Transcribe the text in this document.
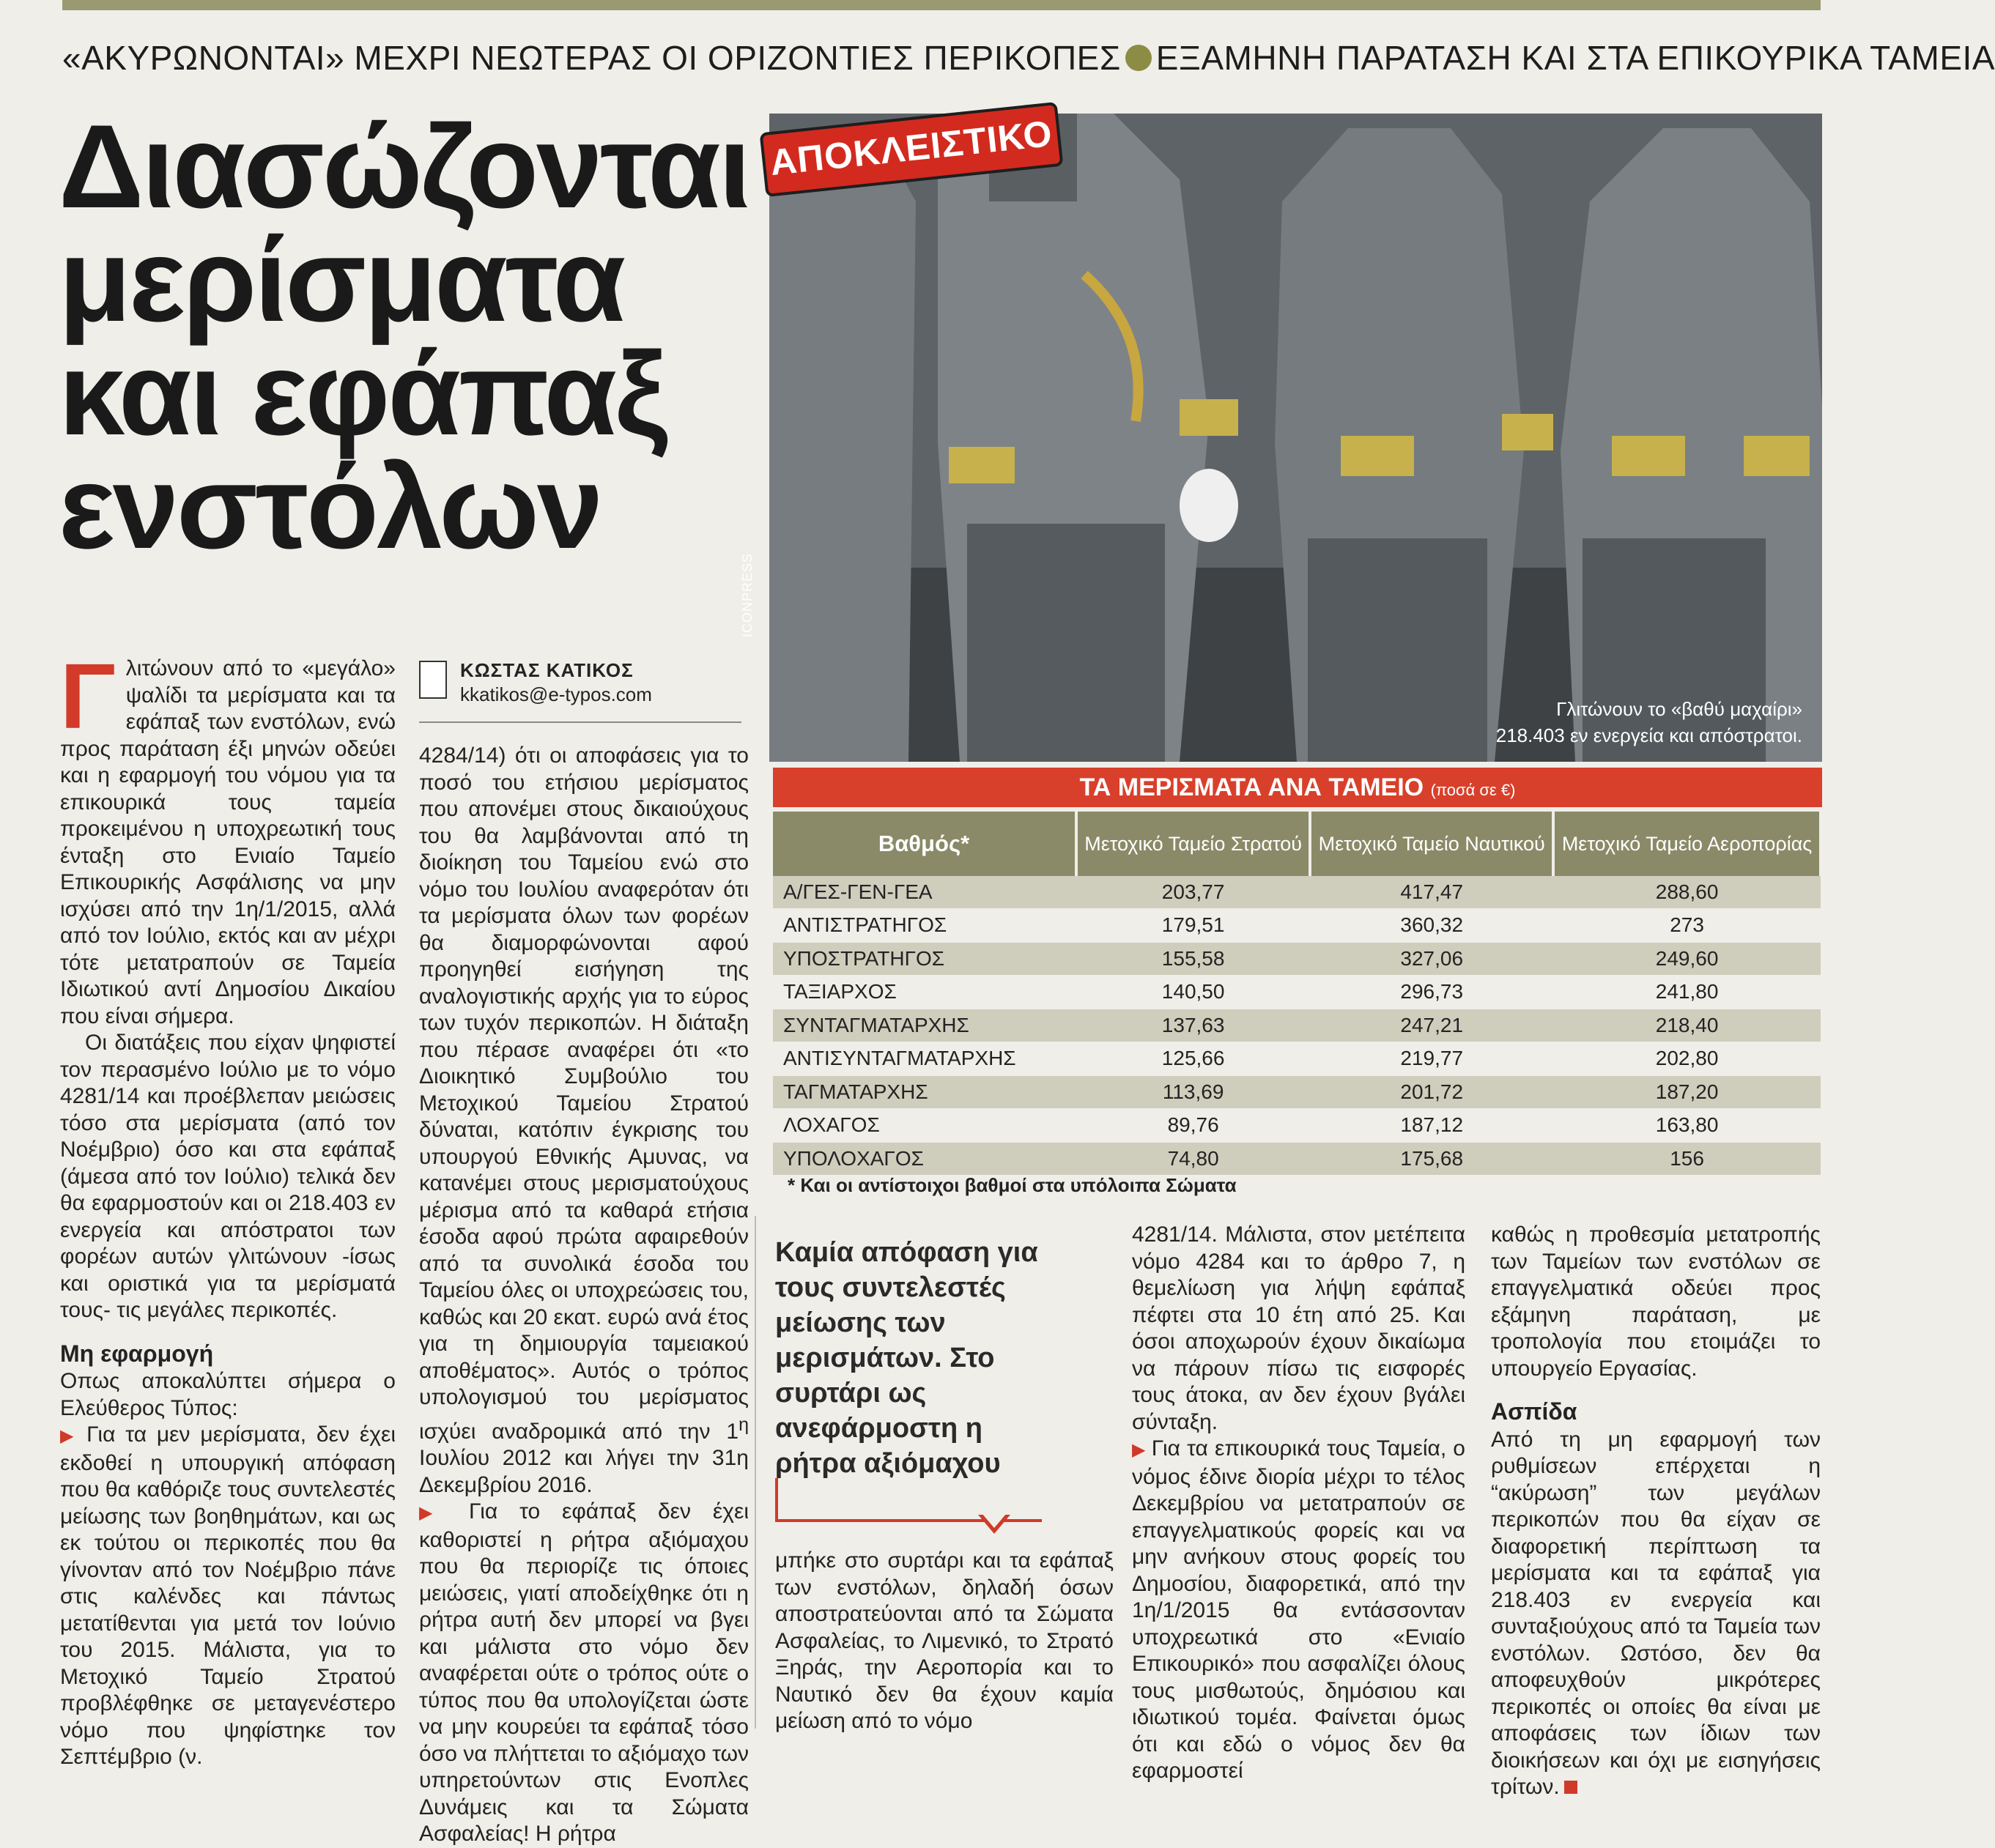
«ΑΚΥΡΩΝΟΝΤΑΙ» ΜΕΧΡΙ ΝΕΩΤΕΡΑΣ ΟΙ ΟΡΙΖΟΝΤΙΕΣ ΠΕΡΙΚΟΠΕΣ ΕΞΑΜΗΝΗ ΠΑΡΑΤΑΣΗ ΚΑΙ ΣΤΑ ΕΠΙΚΟΥΡΙΚΑ ΤΑΜΕΙΑ
Διασώζονται
μερίσματα
και εφάπαξ
ενστόλων
ΑΠΟΚΛΕΙΣΤΙΚΟ
ICONPRESS
Γλιτώνουν το «βαθύ μαχαίρι»
218.403 εν ενεργεία και απόστρατοι.
ΤΑ ΜΕΡΙΣΜΑΤΑ ΑΝΑ ΤΑΜΕΙΟ (ποσά σε €)
Βαθμός*	Μετοχικό Ταμείο Στρατού	Μετοχικό Ταμείο Ναυτικού	Μετοχικό Ταμείο Αεροπορίας
Α/ΓΕΣ-ΓΕΝ-ΓΕΑ	203,77	417,47	288,60
ΑΝΤΙΣΤΡΑΤΗΓΟΣ	179,51	360,32	273
ΥΠΟΣΤΡΑΤΗΓΟΣ	155,58	327,06	249,60
ΤΑΞΙΑΡΧΟΣ	140,50	296,73	241,80
ΣΥΝΤΑΓΜΑΤΑΡΧΗΣ	137,63	247,21	218,40
ΑΝΤΙΣΥΝΤΑΓΜΑΤΑΡΧΗΣ	125,66	219,77	202,80
ΤΑΓΜΑΤΑΡΧΗΣ	113,69	201,72	187,20
ΛΟΧΑΓΟΣ	89,76	187,12	163,80
ΥΠΟΛΟΧΑΓΟΣ	74,80	175,68	156
* Και οι αντίστοιχοι βαθμοί στα υπόλοιπα Σώματα
ΚΩΣΤΑΣ ΚΑΤΙΚΟΣ
kkatikos@e-typos.com

Γλιτώνουν από το «μεγάλο» ψαλίδι τα μερίσματα και τα εφάπαξ των ενστόλων, ενώ προς παράταση έξι μηνών οδεύει και η εφαρμογή του νόμου για τα επικουρικά τους ταμεία προκειμένου η υποχρεωτική τους ένταξη στο Ενιαίο Ταμείο Επικουρικής Ασφάλισης να μην ισχύσει από την 1η/1/2015, αλλά από τον Ιούλιο, εκτός και αν μέχρι τότε μετατραπούν σε Ταμεία Ιδιωτικού αντί Δημοσίου Δικαίου που είναι σήμερα.

Οι διατάξεις που είχαν ψηφιστεί τον περασμένο Ιούλιο με το νόμο 4281/14 και προέβλεπαν μειώσεις τόσο στα μερίσματα (από τον Νοέμβριο) όσο και στα εφάπαξ (άμεσα από τον Ιούλιο) τελικά δεν θα εφαρμοστούν και οι 218.403 εν ενεργεία και απόστρατοι των φορέων αυτών γλιτώνουν -ίσως και οριστικά για τα μερίσματά τους- τις μεγάλες περικοπές.

Μη εφαρμογή

Οπως αποκαλύπτει σήμερα ο Ελεύθερος Τύπος:

▶ Για τα μεν μερίσματα, δεν έχει εκδοθεί η υπουργική απόφαση που θα καθόριζε τους συντελεστές μείωσης των βοηθημάτων, και ως εκ τούτου οι περικοπές που θα γίνονταν από τον Νοέμβριο πάνε στις καλένδες και πάντως μετατίθενται για μετά τον Ιούνιο του 2015. Μάλιστα, για το Μετοχικό Ταμείο Στρατού προβλέφθηκε σε μεταγενέστερο νόμο που ψηφίστηκε τον Σεπτέμβριο (ν.

4284/14) ότι οι αποφάσεις για το ποσό του ετήσιου μερίσματος που απονέμει στους δικαιούχους του θα λαμβάνονται από τη διοίκηση του Ταμείου ενώ στο νόμο του Ιουλίου αναφερόταν ότι τα μερίσματα όλων των φορέων θα διαμορφώνονται αφού προηγηθεί εισήγηση της αναλογιστικής αρχής για το εύρος των τυχόν περικοπών. Η διάταξη που πέρασε αναφέρει ότι «το Διοικητικό Συμβούλιο του Μετοχικού Ταμείου Στρατού δύναται, κατόπιν έγκρισης του υπουργού Εθνικής Αμυνας, να κατανέμει στους μερισματούχους μέρισμα από τα καθαρά ετήσια έσοδα αφού πρώτα αφαιρεθούν από τα συνολικά έσοδα του Ταμείου όλες οι υποχρεώσεις του, καθώς και 20 εκατ. ευρώ ανά έτος για τη δημιουργία ταμειακού αποθέματος». Αυτός ο τρόπος υπολογισμού του μερίσματος ισχύει αναδρομικά από την $1^\eta$ Ιουλίου 2012 και λήγει την 31η Δεκεμβρίου 2016.

▶ Για το εφάπαξ δεν έχει καθοριστεί η ρήτρα αξιόμαχου που θα περιορίζε τις όποιες μειώσεις, γιατί αποδείχθηκε ότι η ρήτρα αυτή δεν μπορεί να βγει και μάλιστα στο νόμο δεν αναφέρεται ούτε ο τρόπος ούτε ο τύπος που θα υπολογίζεται ώστε να μην κουρεύει τα εφάπαξ τόσο όσο να πλήττεται το αξιόμαχο των υπηρετούντων στις Ενοπλες Δυνάμεις και τα Σώματα Ασφαλείας! Η ρήτρα

Καμία απόφαση για τους συντελεστές μείωσης των μερισμάτων. Στο συρτάρι ως ανεφάρμοστη η ρήτρα αξιόμαχου

μπήκε στο συρτάρι και τα εφάπαξ των ενστόλων, δηλαδή όσων αποστρατεύονται από τα Σώματα Ασφαλείας, το Λιμενικό, το Στρατό Ξηράς, την Αεροπορία και το Ναυτικό δεν θα έχουν καμία μείωση από το νόμο

4281/14. Μάλιστα, στον μετέπειτα νόμο 4284 και το άρθρο 7, η θεμελίωση για λήψη εφάπαξ πέφτει στα 10 έτη από 25. Και όσοι αποχωρούν έχουν δικαίωμα να πάρουν πίσω τις εισφορές τους άτοκα, αν δεν έχουν βγάλει σύνταξη.

▶ Για τα επικουρικά τους Ταμεία, ο νόμος έδινε διορία μέχρι το τέλος Δεκεμβρίου να μετατραπούν σε επαγγελματικούς φορείς και να μην ανήκουν στους φορείς του Δημοσίου, διαφορετικά, από την 1η/1/2015 θα εντάσσονταν υποχρεωτικά στο «Ενιαίο Επικουρικό» που ασφαλίζει όλους τους μισθωτούς, δημόσιου και ιδιωτικού τομέα. Φαίνεται όμως ότι και εδώ ο νόμος δεν θα εφαρμοστεί

καθώς η προθεσμία μετατροπής των Ταμείων των ενστόλων σε επαγγελματικά οδεύει προς εξάμηνη παράταση, με τροπολογία που ετοιμάζει το υπουργείο Εργασίας.

Ασπίδα

Από τη μη εφαρμογή των ρυθμίσεων επέρχεται η “ακύρωση” των μεγάλων περικοπών που θα είχαν σε διαφορετική περίπτωση τα μερίσματα και τα εφάπαξ για 218.403 εν ενεργεία και συνταξιούχους από τα Ταμεία των ενστόλων. Ωστόσο, δεν θα αποφευχθούν μικρότερες περικοπές οι οποίες θα είναι με αποφάσεις των ίδιων των διοικήσεων και όχι με εισηγήσεις τρίτων.
